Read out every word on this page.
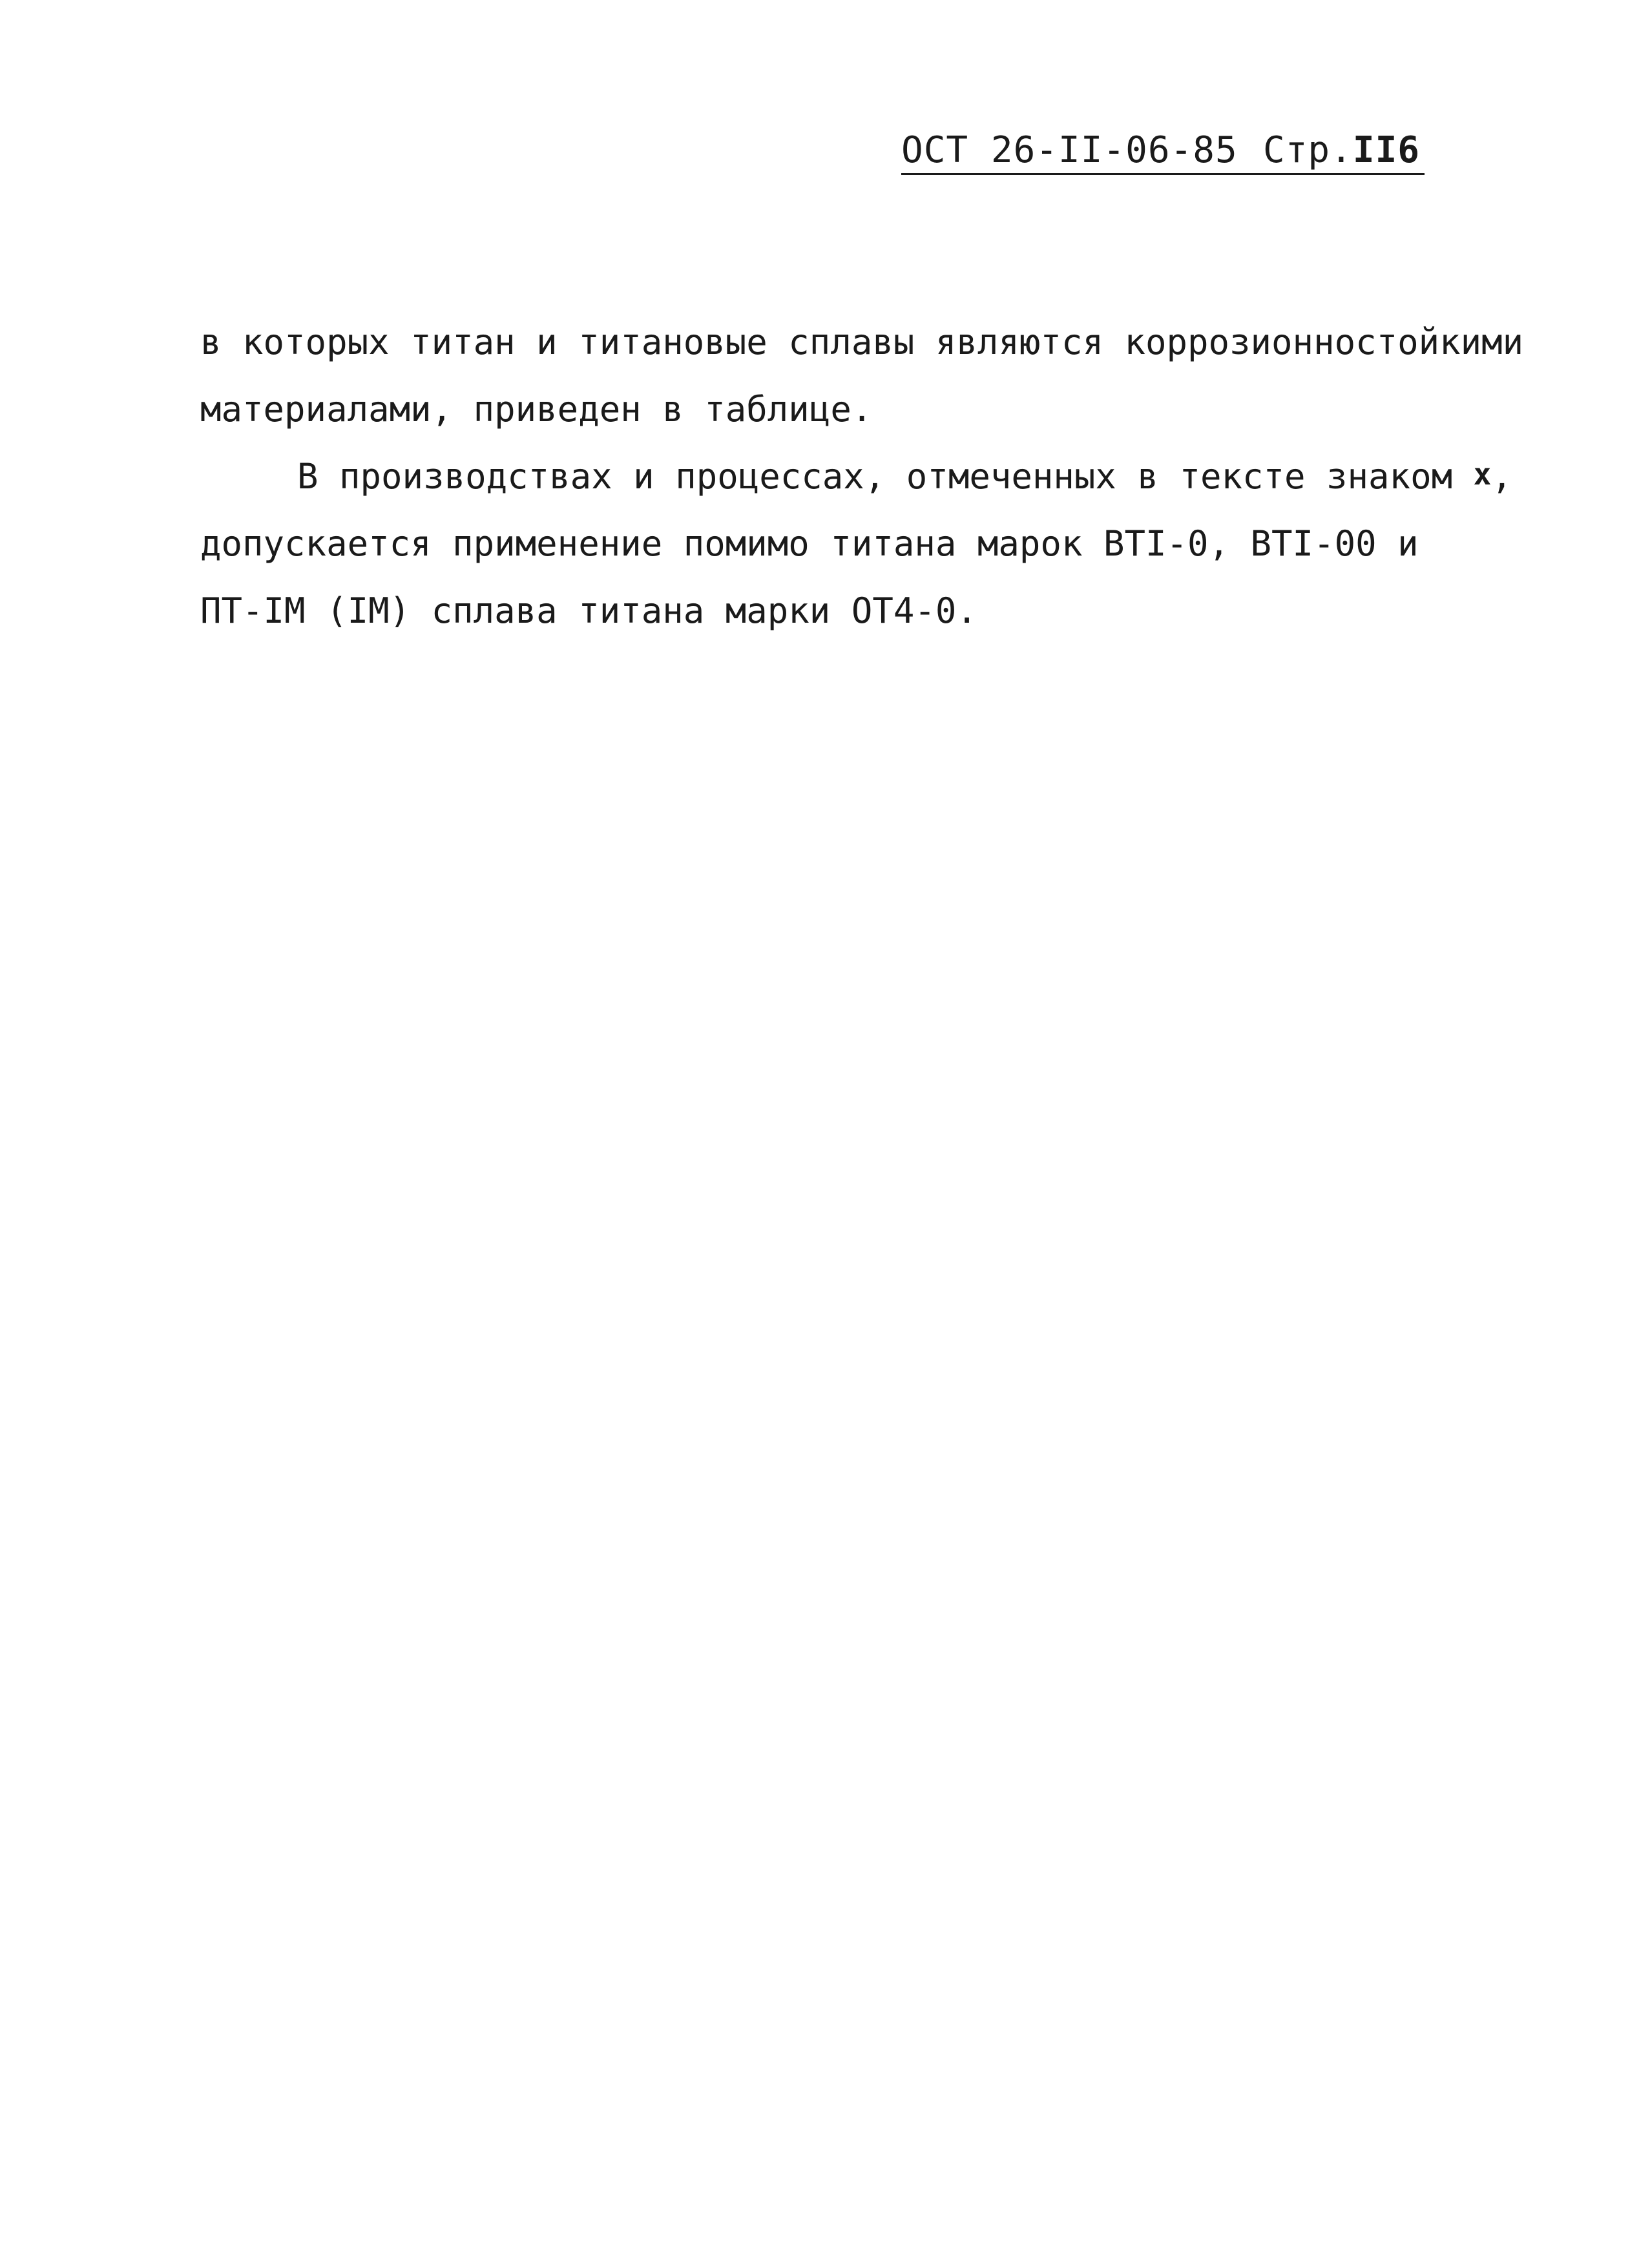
ОСТ 26-II-06-85 Стр.II6
в которых титан и титановые сплавы являются коррозионностойкими
материалами, приведен в таблице.
В производствах и процессах, отмеченных в тексте знаком x,
допускается применение помимо титана марок BTI-0, BTI-00 и
ПТ-IM (IM) сплава титана марки ОТ4-0.
